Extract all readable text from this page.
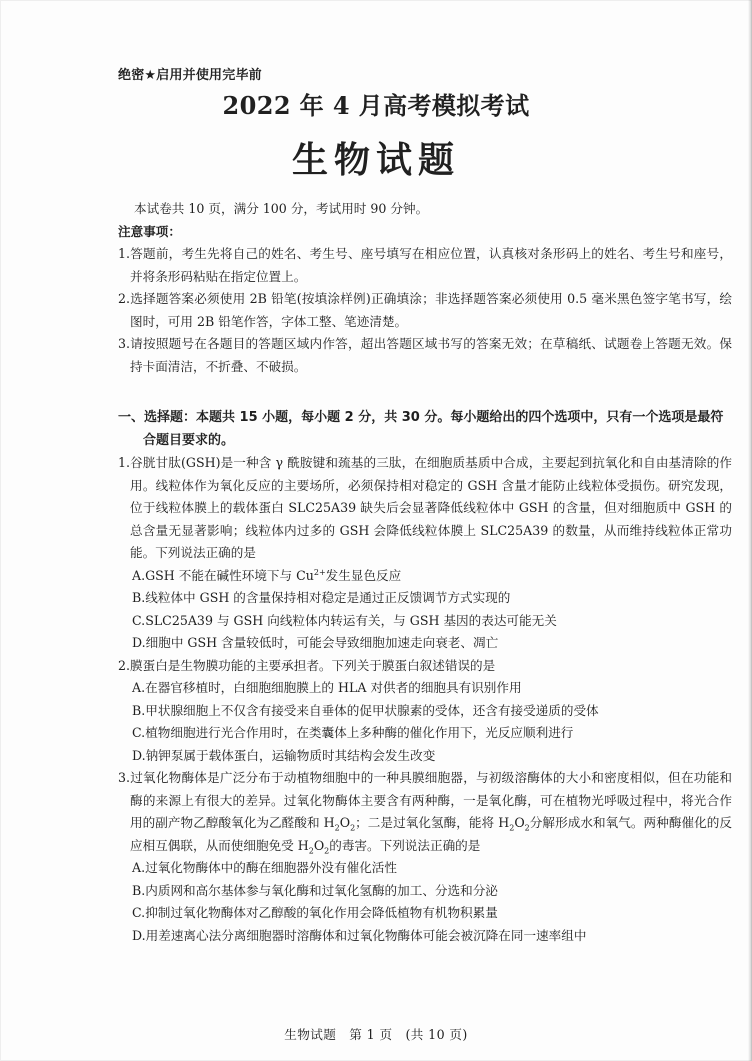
绝密★启用并使用完毕前
2022 年 4 月高考模拟考试
生物试题

本试卷共 10 页，满分 100 分，考试用时 90 分钟。

注意事项：

1.答题前，考生先将自己的姓名、考生号、座号填写在相应位置，认真核对条形码上的姓名、考生号和座号，并将条形码粘贴在指定位置上。

2.选择题答案必须使用 2B 铅笔(按填涂样例)正确填涂；非选择题答案必须使用 0.5 毫米黑色签字笔书写，绘图时，可用 2B 铅笔作答，字体工整、笔迹清楚。

3.请按照题号在各题目的答题区域内作答，超出答题区域书写的答案无效；在草稿纸、试题卷上答题无效。保持卡面清洁，不折叠、不破损。

一、选择题：本题共 15 小题，每小题 2 分，共 30 分。每小题给出的四个选项中，只有一个选项是最符合题目要求的。

1.谷胱甘肽(GSH)是一种含 γ 酰胺键和巯基的三肽，在细胞质基质中合成，主要起到抗氧化和自由基清除的作用。线粒体作为氧化反应的主要场所，必须保持相对稳定的 GSH 含量才能防止线粒体受损伤。研究发现，位于线粒体膜上的载体蛋白 SLC25A39 缺失后会显著降低线粒体中 GSH 的含量，但对细胞质中 GSH 的总含量无显著影响；线粒体内过多的 GSH 会降低线粒体膜上 SLC25A39 的数量，从而维持线粒体正常功能。下列说法正确的是

A.GSH 不能在碱性环境下与 $Cu^{2+}$发生显色反应

B.线粒体中 GSH 的含量保持相对稳定是通过正反馈调节方式实现的

C.SLC25A39 与 GSH 向线粒体内转运有关，与 GSH 基因的表达可能无关

D.细胞中 GSH 含量较低时，可能会导致细胞加速走向衰老、凋亡

2.膜蛋白是生物膜功能的主要承担者。下列关于膜蛋白叙述错误的是

A.在器官移植时，白细胞细胞膜上的 HLA 对供者的细胞具有识别作用

B.甲状腺细胞上不仅含有接受来自垂体的促甲状腺素的受体，还含有接受递质的受体

C.植物细胞进行光合作用时，在类囊体上多种酶的催化作用下，光反应顺利进行

D.钠钾泵属于载体蛋白，运输物质时其结构会发生改变

3.过氧化物酶体是广泛分布于动植物细胞中的一种具膜细胞器，与初级溶酶体的大小和密度相似，但在功能和酶的来源上有很大的差异。过氧化物酶体主要含有两种酶，一是氧化酶，可在植物光呼吸过程中，将光合作用的副产物乙醇酸氧化为乙醛酸和 $H_2O_2$；二是过氧化氢酶，能将 $H_2O_2$分解形成水和氧气。两种酶催化的反应相互偶联，从而使细胞免受 $H_2O_2$的毒害。下列说法正确的是

A.过氧化物酶体中的酶在细胞器外没有催化活性

B.内质网和高尔基体参与氧化酶和过氧化氢酶的加工、分选和分泌

C.抑制过氧化物酶体对乙醇酸的氧化作用会降低植物有机物积累量

D.用差速离心法分离细胞器时溶酶体和过氧化物酶体可能会被沉降在同一速率组中

生物试题　第 1 页　(共 10 页)
